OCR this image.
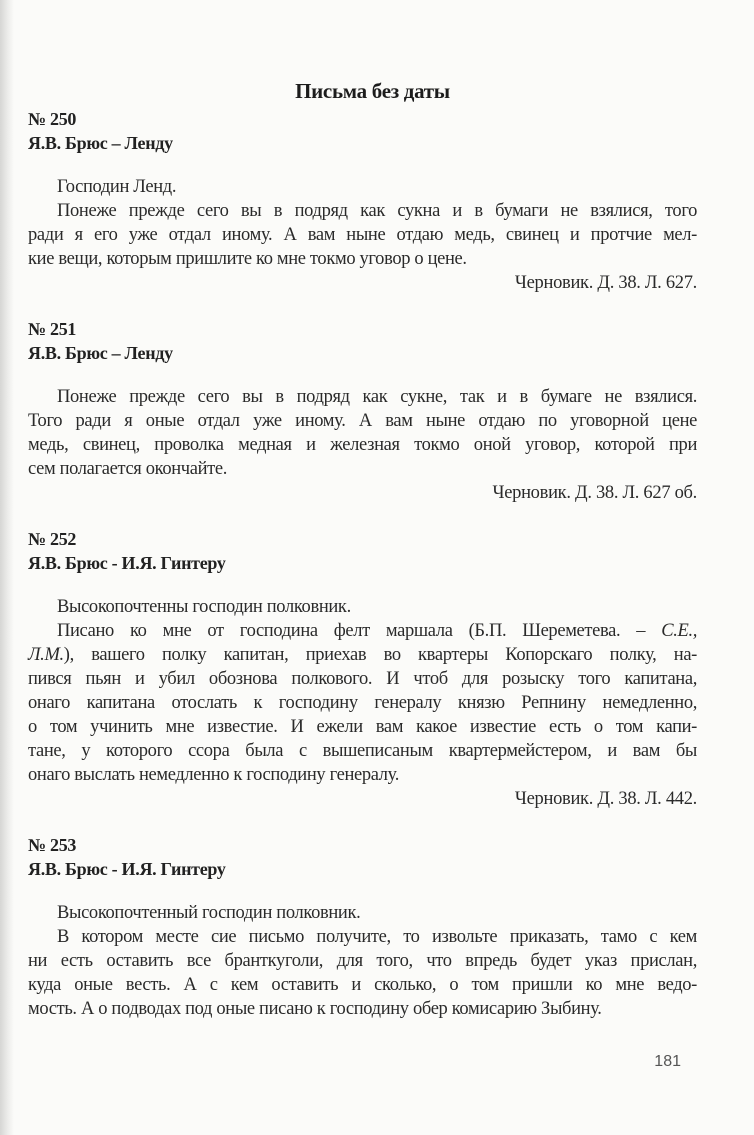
Письма без даты
№ 250
Я.В. Брюс – Ленду
Господин Ленд.
Понеже прежде сего вы в подряд как сукна и в бумаги не взялися, того
ради я его уже отдал иному. А вам ныне отдаю медь, свинец и протчие мел-
кие вещи, которым пришлите ко мне токмо уговор о цене.
Черновик. Д. 38. Л. 627.
№ 251
Я.В. Брюс – Ленду
Понеже прежде сего вы в подряд как сукне, так и в бумаге не взялися.
Того ради я оные отдал уже иному. А вам ныне отдаю по уговорной цене
медь, свинец, проволка медная и железная токмо оной уговор, которой при
сем полагается окончайте.
Черновик. Д. 38. Л. 627 об.
№ 252
Я.В. Брюс - И.Я. Гинтеру
Высокопочтенны господин полковник.
Писано ко мне от господина фелт маршала (Б.П. Шереметева. – С.Е.,
Л.М.), вашего полку капитан, приехав во квартеры Копорскаго полку, на-
пився пьян и убил обознова полкового. И чтоб для розыску того капитана,
онаго капитана отослать к господину генералу князю Репнину немедленно,
о том учинить мне известие. И ежели вам какое известие есть о том капи-
тане, у которого ссора была с вышеписаным квартермейстером, и вам бы
онаго выслать немедленно к господину генералу.
Черновик. Д. 38. Л. 442.
№ 253
Я.В. Брюс - И.Я. Гинтеру
Высокопочтенный господин полковник.
В котором месте сие письмо получите, то извольте приказать, тамо с кем
ни есть оставить все бранткуголи, для того, что впредь будет указ прислан,
куда оные весть. А с кем оставить и сколько, о том пришли ко мне ведо-
мость. А о подводах под оные писано к господину обер комисарию Зыбину.
181
